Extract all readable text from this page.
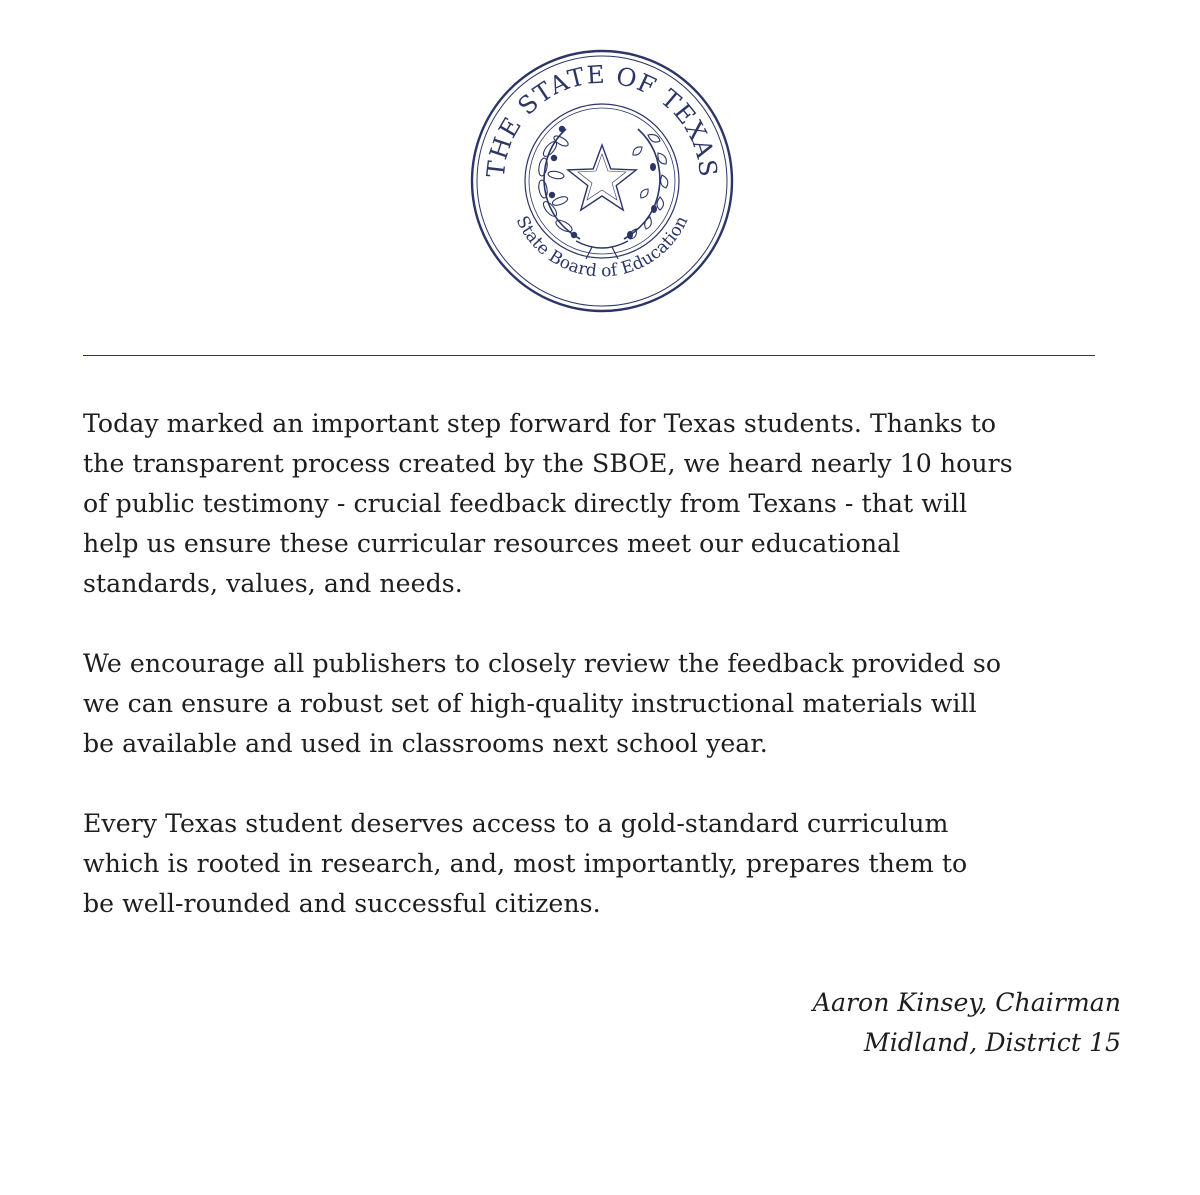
THE STATE OF TEXAS
State Board of Education

Today marked an important step forward for Texas students. Thanks to
the transparent process created by the SBOE, we heard nearly 10 hours
of public testimony - crucial feedback directly from Texans - that will
help us ensure these curricular resources meet our educational
standards, values, and needs.

We encourage all publishers to closely review the feedback provided so
we can ensure a robust set of high-quality instructional materials will
be available and used in classrooms next school year.

Every Texas student deserves access to a gold-standard curriculum
which is rooted in research, and, most importantly, prepares them to
be well-rounded and successful citizens.

Aaron Kinsey, Chairman
Midland, District 15
